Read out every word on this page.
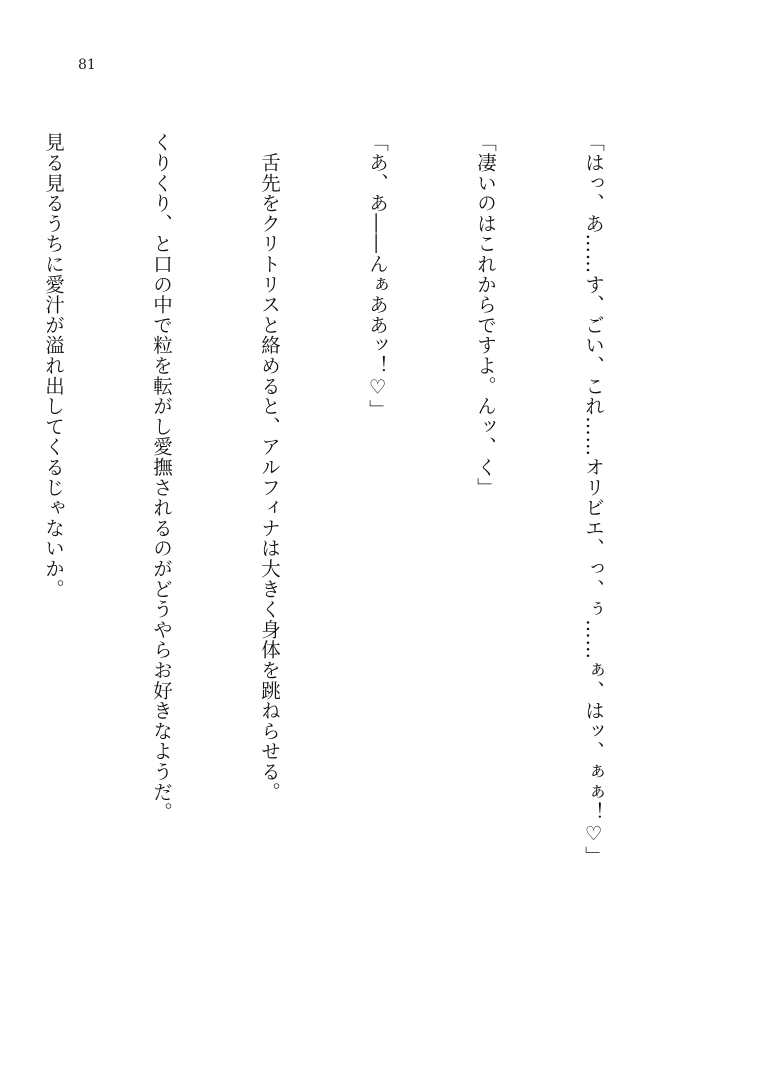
81

「はっ、あ……す、ごい、これ……オリビエ、っ、ぅ……ぁ、はッ、ぁぁ！♡」

「凄いのはこれからですよ。んッ、く」

「あ、あ――んぁああッ！♡」

　舌先をクリトリスと絡めると、アルフィナは大きく身体を跳ねらせる。

くりくり、と口の中で粒を転がし愛撫されるのがどうやらお好きなようだ。

見る見るうちに愛汁が溢れ出してくるじゃないか。
